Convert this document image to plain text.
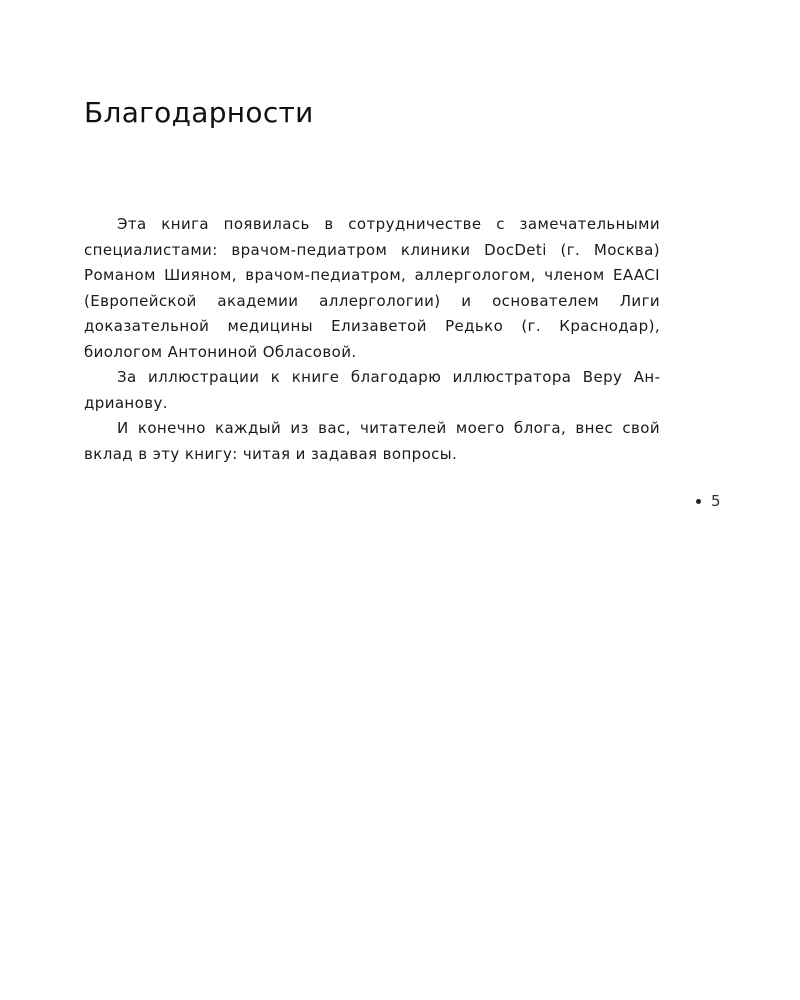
Благодарности

Эта книга появилась в сотрудничестве с замечательными специалистами: врачом-педиатром клиники DocDeti (г. Москва) Романом Шияном, врачом-педиатром, аллергологом, членом EAACI (Европейской академии аллергологии) и основателем Лиги доказательной медицины Елизаветой Редько (г. Краснодар), биологом Антониной Обласовой.

За иллюстрации к книге благодарю иллюстратора Веру Андрианову.

И конечно каждый из вас, читателей моего блога, внес свой вклад в эту книгу: читая и задавая вопросы.

5
